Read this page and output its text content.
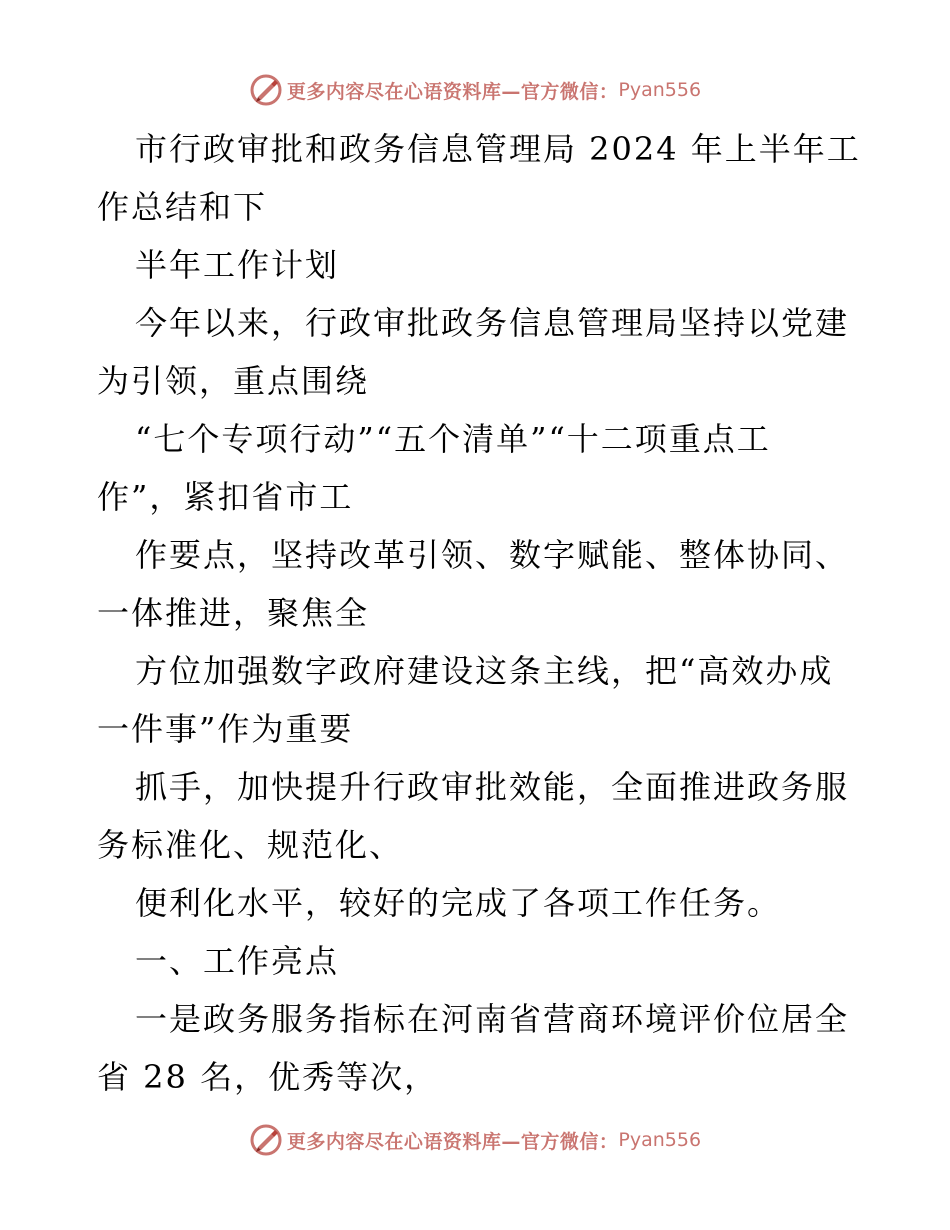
更多内容尽在心语资料库—官方微信： Pyan556
市行政审批和政务信息管理局 2024 年上半年工
作总结和下
半年工作计划
今年以来，行政审批政务信息管理局坚持以党建
为引领，重点围绕
“七个专项行动”“五个清单”“十二项重点工
作”，紧扣省市工
作要点，坚持改革引领、数字赋能、整体协同、
一体推进，聚焦全
方位加强数字政府建设这条主线，把“高效办成
一件事”作为重要
抓手，加快提升行政审批效能，全面推进政务服
务标准化、规范化、
便利化水平，较好的完成了各项工作任务。
一、工作亮点
一是政务服务指标在河南省营商环境评价位居全
省 28 名，优秀等次，
更多内容尽在心语资料库—官方微信： Pyan556
